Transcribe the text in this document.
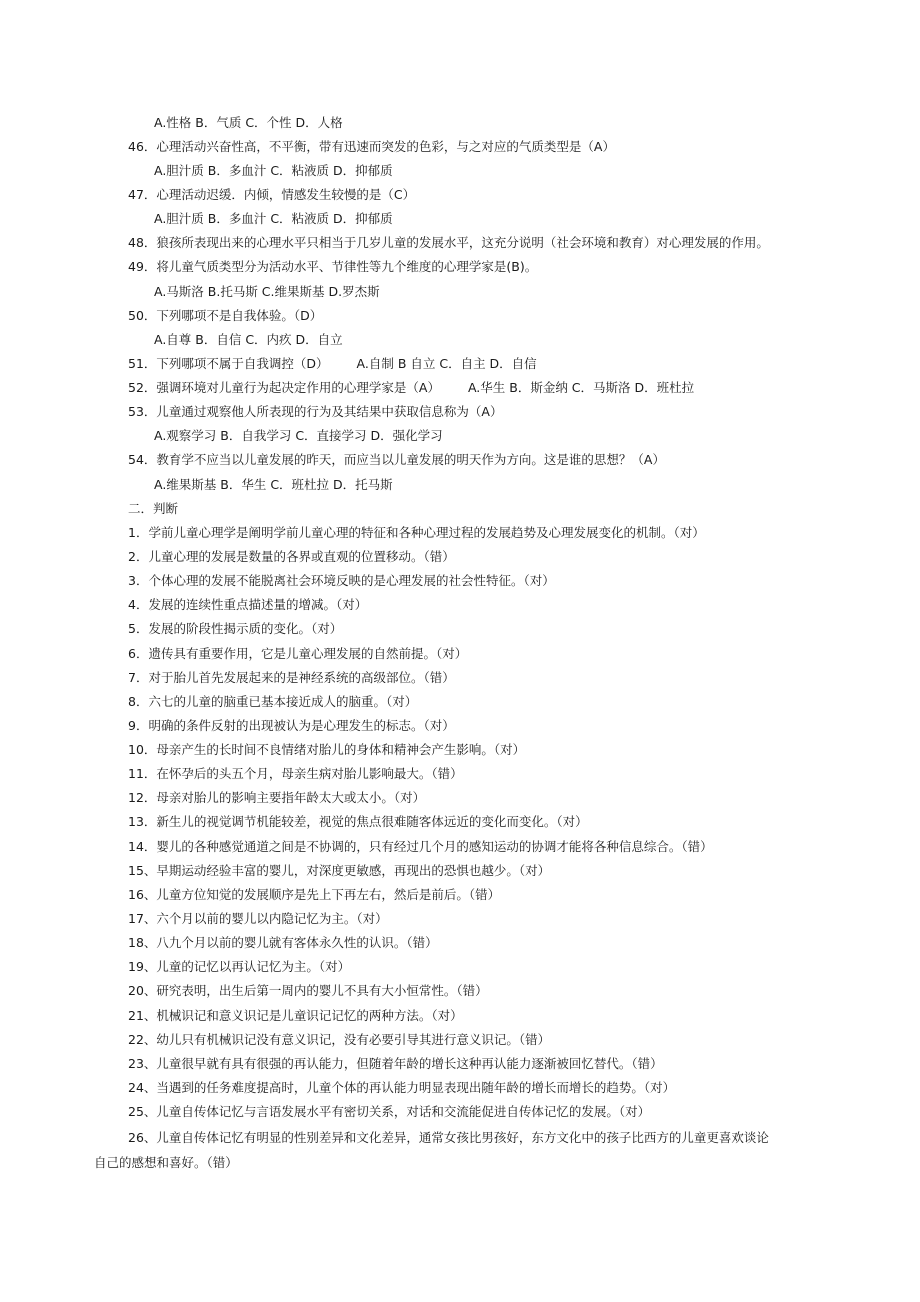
A.性格 B．气质 C．个性 D．人格
46．心理活动兴奋性高，不平衡，带有迅速而突发的色彩，与之对应的气质类型是（A）
A.胆汁质 B．多血汁 C．粘液质 D．抑郁质
47．心理活动迟缓．内倾，情感发生较慢的是（C）
A.胆汁质 B．多血汁 C．粘液质 D．抑郁质
48．狼孩所表现出来的心理水平只相当于几岁儿童的发展水平，这充分说明（社会环境和教育）对心理发展的作用。
49．将儿童气质类型分为活动水平、节律性等九个维度的心理学家是(B)。
A.马斯洛 B.托马斯 C.维果斯基 D.罗杰斯
50．下列哪项不是自我体验。（D）
A.自尊 B．自信 C．内疚 D．自立
51．下列哪项不属于自我调控（D） A.自制 B 自立 C．自主 D．自信
52．强调环境对儿童行为起决定作用的心理学家是（A） A.华生 B．斯金纳 C．马斯洛 D．班杜拉
53．儿童通过观察他人所表现的行为及其结果中获取信息称为（A）
A.观察学习 B．自我学习 C．直接学习 D．强化学习
54．教育学不应当以儿童发展的昨天，而应当以儿童发展的明天作为方向。这是谁的思想？（A）
A.维果斯基 B．华生 C．班杜拉 D．托马斯
二．判断
1．学前儿童心理学是阐明学前儿童心理的特征和各种心理过程的发展趋势及心理发展变化的机制。（对）
2．儿童心理的发展是数量的各界或直观的位置移动。（错）
3．个体心理的发展不能脱离社会环境反映的是心理发展的社会性特征。（对）
4．发展的连续性重点描述量的增减。（对）
5．发展的阶段性揭示质的变化。（对）
6．遗传具有重要作用，它是儿童心理发展的自然前提。（对）
7．对于胎儿首先发展起来的是神经系统的高级部位。（错）
8．六七的儿童的脑重已基本接近成人的脑重。（对）
9．明确的条件反射的出现被认为是心理发生的标志。（对）
10．母亲产生的长时间不良情绪对胎儿的身体和精神会产生影响。（对）
11．在怀孕后的头五个月，母亲生病对胎儿影响最大。（错）
12．母亲对胎儿的影响主要指年龄太大或太小。（对）
13．新生儿的视觉调节机能较差，视觉的焦点很难随客体远近的变化而变化。（对）
14．婴儿的各种感觉通道之间是不协调的，只有经过几个月的感知运动的协调才能将各种信息综合。（错）
15、早期运动经验丰富的婴儿，对深度更敏感，再现出的恐惧也越少。（对）
16、儿童方位知觉的发展顺序是先上下再左右，然后是前后。（错）
17、六个月以前的婴儿以内隐记忆为主。（对）
18、八九个月以前的婴儿就有客体永久性的认识。（错）
19、儿童的记忆以再认记忆为主。（对）
20、研究表明，出生后第一周内的婴儿不具有大小恒常性。（错）
21、机械识记和意义识记是儿童识记记忆的两种方法。（对）
22、幼儿只有机械识记没有意义识记，没有必要引导其进行意义识记。（错）
23、儿童很早就有具有很强的再认能力，但随着年龄的增长这种再认能力逐渐被回忆替代。（错）
24、当遇到的任务难度提高时，儿童个体的再认能力明显表现出随年龄的增长而增长的趋势。（对）
25、儿童自传体记忆与言语发展水平有密切关系，对话和交流能促进自传体记忆的发展。（对）
26、儿童自传体记忆有明显的性别差异和文化差异，通常女孩比男孩好，东方文化中的孩子比西方的儿童更喜欢谈论
自己的感想和喜好。（错）
